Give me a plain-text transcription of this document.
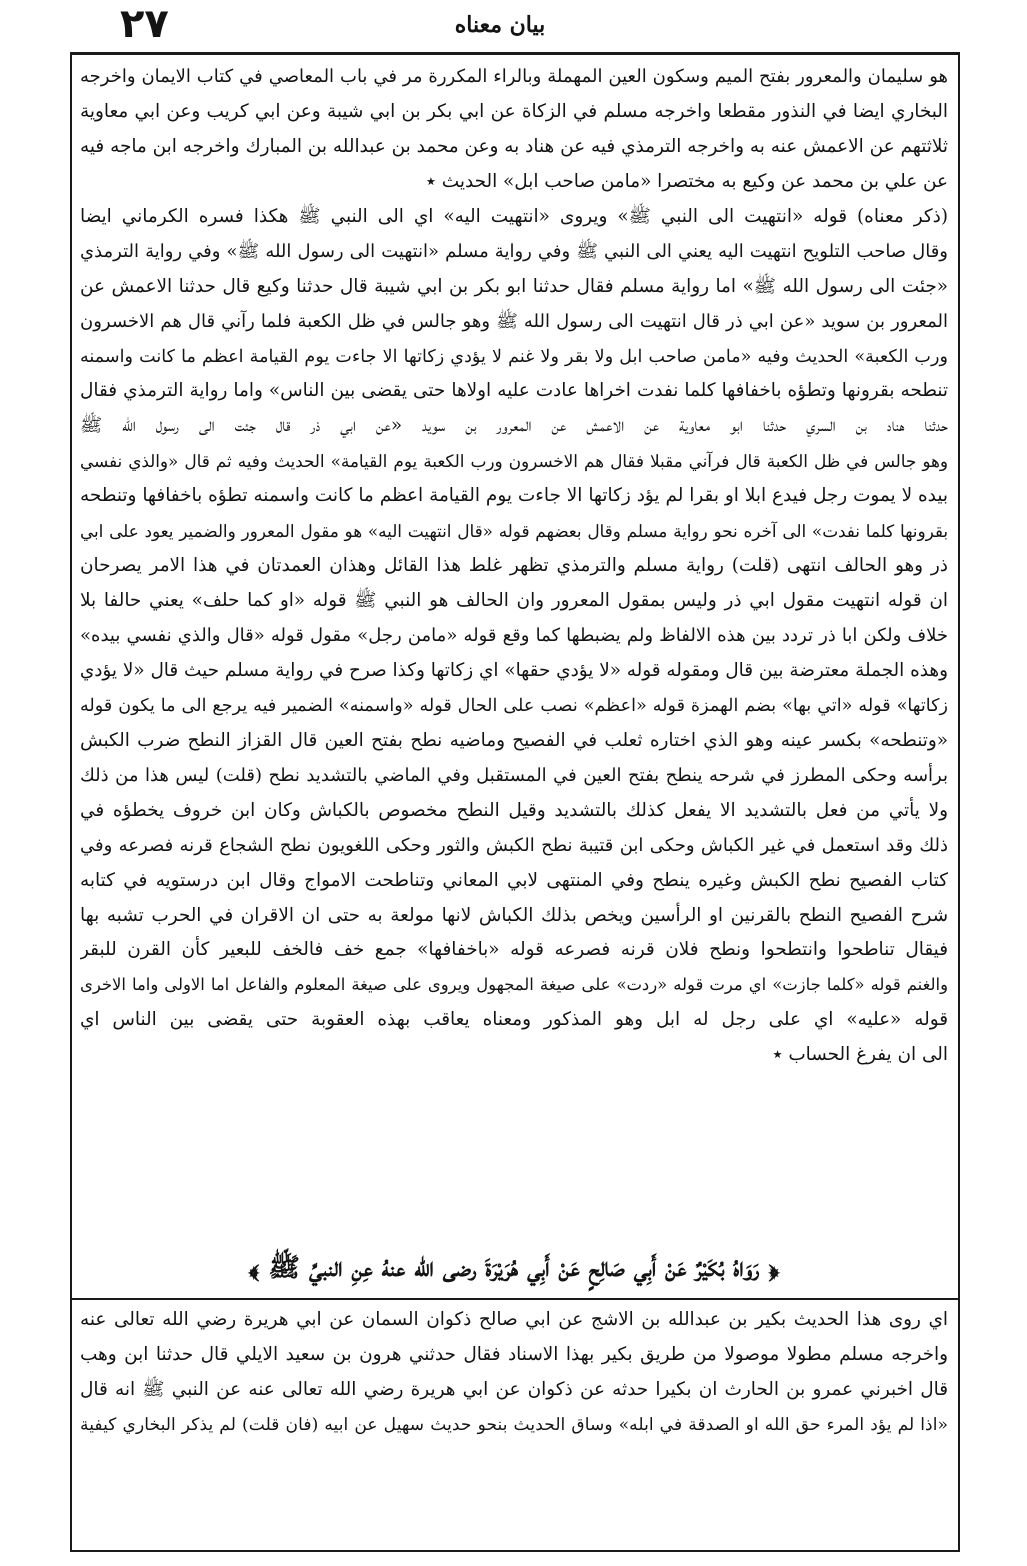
٢٧	بيان معناه
هو سليمان والمعرور بفتح الميم وسكون العين المهملة وبالراء المكررة مر في باب المعاصي في كتاب الايمان واخرجه
البخاري ايضا في النذور مقطعا واخرجه مسلم في الزكاة عن ابي بكر بن ابي شيبة وعن ابي كريب وعن ابي معاوية
ثلاثتهم عن الاعمش عنه به واخرجه الترمذي فيه عن هناد به وعن محمد بن عبدالله بن المبارك واخرجه ابن ماجه فيه
عن علي بن محمد عن وكيع به مختصرا «مامن صاحب ابل» الحديث ٭
(ذكر معناه) قوله «انتهيت الى النبي ﷺ» ويروى «انتهيت اليه» اي الى النبي ﷺ هكذا فسره الكرماني ايضا
وقال صاحب التلويح انتهيت اليه يعني الى النبي ﷺ وفي رواية مسلم «انتهيت الى رسول الله ﷺ» وفي رواية الترمذي
«جئت الى رسول الله ﷺ» اما رواية مسلم فقال حدثنا ابو بكر بن ابي شيبة قال حدثنا وكيع قال حدثنا الاعمش عن
المعرور بن سويد «عن ابي ذر قال انتهيت الى رسول الله ﷺ وهو جالس في ظل الكعبة فلما رآني قال هم الاخسرون
ورب الكعبة» الحديث وفيه «مامن صاحب ابل ولا بقر ولا غنم لا يؤدي زكاتها الا جاءت يوم القيامة اعظم ما كانت واسمنه
تنطحه بقرونها وتطؤه باخفافها كلما نفدت اخراها عادت عليه اولاها حتى يقضى بين الناس» واما رواية الترمذي فقال
حدثنا هناد بن السري حدثنا ابو معاوية عن الاعمش عن المعرور بن سويد «عن ابي ذر قال جئت الى رسول الله ﷺ
وهو جالس في ظل الكعبة قال فرآني مقبلا فقال هم الاخسرون ورب الكعبة يوم القيامة» الحديث وفيه ثم قال «والذي نفسي
بيده لا يموت رجل فيدع ابلا او بقرا لم يؤد زكاتها الا جاءت يوم القيامة اعظم ما كانت واسمنه تطؤه باخفافها وتنطحه
بقرونها كلما نفدت» الى آخره نحو رواية مسلم وقال بعضهم قوله «قال انتهيت اليه» هو مقول المعرور والضمير يعود على ابي
ذر وهو الحالف انتهى (قلت) رواية مسلم والترمذي تظهر غلط هذا القائل وهذان العمدتان في هذا الامر يصرحان
ان قوله انتهيت مقول ابي ذر وليس بمقول المعرور وان الحالف هو النبي ﷺ قوله «او كما حلف» يعني حالفا بلا
خلاف ولكن ابا ذر تردد بين هذه الالفاظ ولم يضبطها كما وقع قوله «مامن رجل» مقول قوله «قال والذي نفسي بيده»
وهذه الجملة معترضة بين قال ومقوله قوله «لا يؤدي حقها» اي زكاتها وكذا صرح في رواية مسلم حيث قال «لا يؤدي
زكاتها» قوله «اتي بها» بضم الهمزة قوله «اعظم» نصب على الحال قوله «واسمنه» الضمير فيه يرجع الى ما يكون قوله
«وتنطحه» بكسر عينه وهو الذي اختاره ثعلب في الفصيح وماضيه نطح بفتح العين قال القزاز النطح ضرب الكبش
برأسه وحكى المطرز في شرحه ينطح بفتح العين في المستقبل وفي الماضي بالتشديد نطح (قلت) ليس هذا من ذلك
ولا يأتي من فعل بالتشديد الا يفعل كذلك بالتشديد وقيل النطح مخصوص بالكباش وكان ابن خروف يخطؤه في
ذلك وقد استعمل في غير الكباش وحكى ابن قتيبة نطح الكبش والثور وحكى اللغويون نطح الشجاع قرنه فصرعه وفي
كتاب الفصيح نطح الكبش وغيره ينطح وفي المنتهى لابي المعاني وتناطحت الامواج وقال ابن درستويه في كتابه
شرح الفصيح النطح بالقرنين او الرأسين ويخص بذلك الكباش لانها مولعة به حتى ان الاقران في الحرب تشبه بها
فيقال تناطحوا وانتطحوا ونطح فلان قرنه فصرعه قوله «باخفافها» جمع خف فالخف للبعير كأن القرن للبقر
والغنم قوله «كلما جازت» اي مرت قوله «ردت» على صيغة المجهول ويروى على صيغة المعلوم والفاعل اما الاولى واما الاخرى
قوله «عليه» اي على رجل له ابل وهو المذكور ومعناه يعاقب بهذه العقوبة حتى يقضى بين الناس اي
الى ان يفرغ الحساب ٭
﴿ رَوَاهُ بُكَيْرٌ عَنْ أَبِي صَالِحٍ عَنْ أَبِي هُرَيْرَةَ رضى الله عنهُ عِنِ النبيِّ ﷺ ﴾
اي روى هذا الحديث بكير بن عبدالله بن الاشج عن ابي صالح ذكوان السمان عن ابي هريرة رضي الله تعالى عنه
واخرجه مسلم مطولا موصولا من طريق بكير بهذا الاسناد فقال حدثني هرون بن سعيد الايلي قال حدثنا ابن وهب
قال اخبرني عمرو بن الحارث ان بكيرا حدثه عن ذكوان عن ابي هريرة رضي الله تعالى عنه عن النبي ﷺ انه قال
«اذا لم يؤد المرء حق الله او الصدقة في ابله» وساق الحديث بنحو حديث سهيل عن ابيه (فان قلت) لم يذكر البخاري كيفية
